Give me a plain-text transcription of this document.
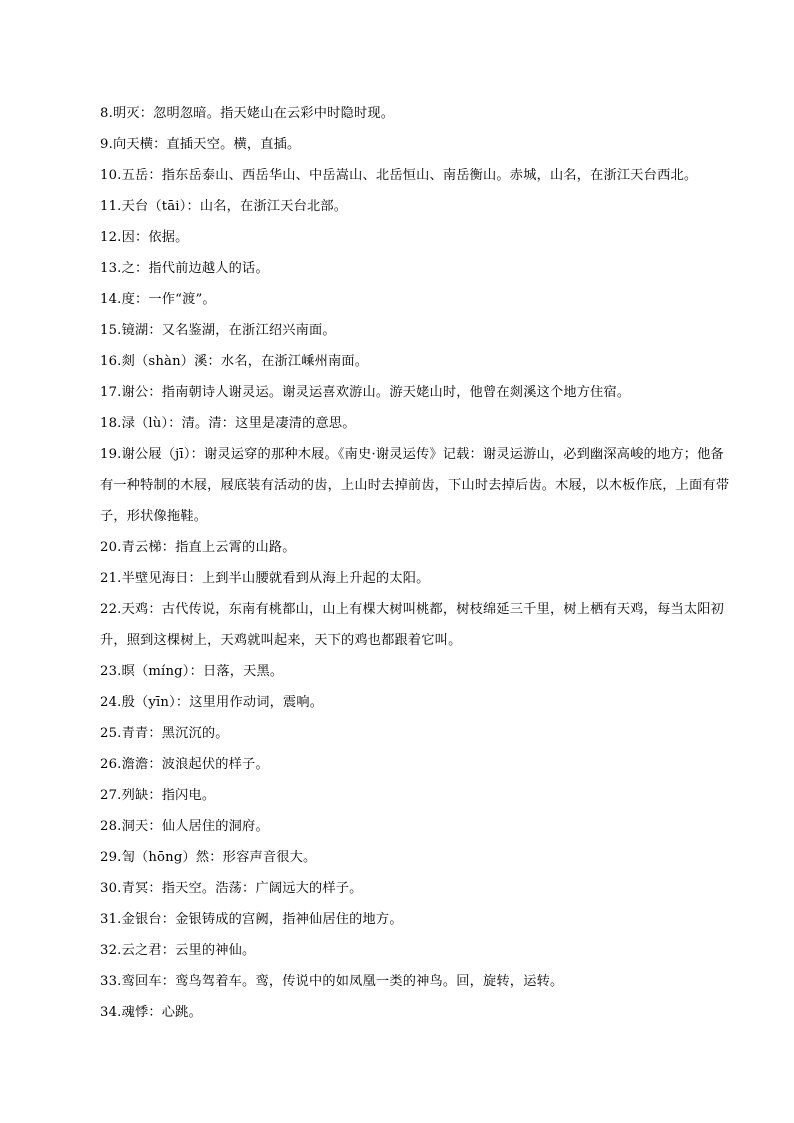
8.明灭：忽明忽暗。指天姥山在云彩中时隐时现。

9.向天横：直插天空。横，直插。

10.五岳：指东岳泰山、西岳华山、中岳嵩山、北岳恒山、南岳衡山。赤城，山名，在浙江天台西北。

11.天台（tāi）：山名，在浙江天台北部。

12.因：依据。

13.之：指代前边越人的话。

14.度：一作“渡”。

15.镜湖：又名鉴湖，在浙江绍兴南面。

16.剡（shàn）溪：水名，在浙江嵊州南面。

17.谢公：指南朝诗人谢灵运。谢灵运喜欢游山。游天姥山时，他曾在剡溪这个地方住宿。

18.渌（lù）：清。清：这里是凄清的意思。

19.谢公屐（jī）：谢灵运穿的那种木屐。《南史·谢灵运传》记载：谢灵运游山，必到幽深高峻的地方；他备有一种特制的木屐，屐底装有活动的齿，上山时去掉前齿，下山时去掉后齿。木屐，以木板作底，上面有带子，形状像拖鞋。

20.青云梯：指直上云霄的山路。

21.半壁见海日：上到半山腰就看到从海上升起的太阳。

22.天鸡：古代传说，东南有桃都山，山上有棵大树叫桃都，树枝绵延三千里，树上栖有天鸡，每当太阳初升，照到这棵树上，天鸡就叫起来，天下的鸡也都跟着它叫。

23.暝（míng）：日落，天黑。

24.殷（yīn）：这里用作动词，震响。

25.青青：黑沉沉的。

26.澹澹：波浪起伏的样子。

27.列缺：指闪电。

28.洞天：仙人居住的洞府。

29.訇（hōng）然：形容声音很大。

30.青冥：指天空。浩荡：广阔远大的样子。

31.金银台：金银铸成的宫阙，指神仙居住的地方。

32.云之君：云里的神仙。

33.鸾回车：鸾鸟驾着车。鸾，传说中的如凤凰一类的神鸟。回，旋转，运转。

34.魂悸：心跳。
